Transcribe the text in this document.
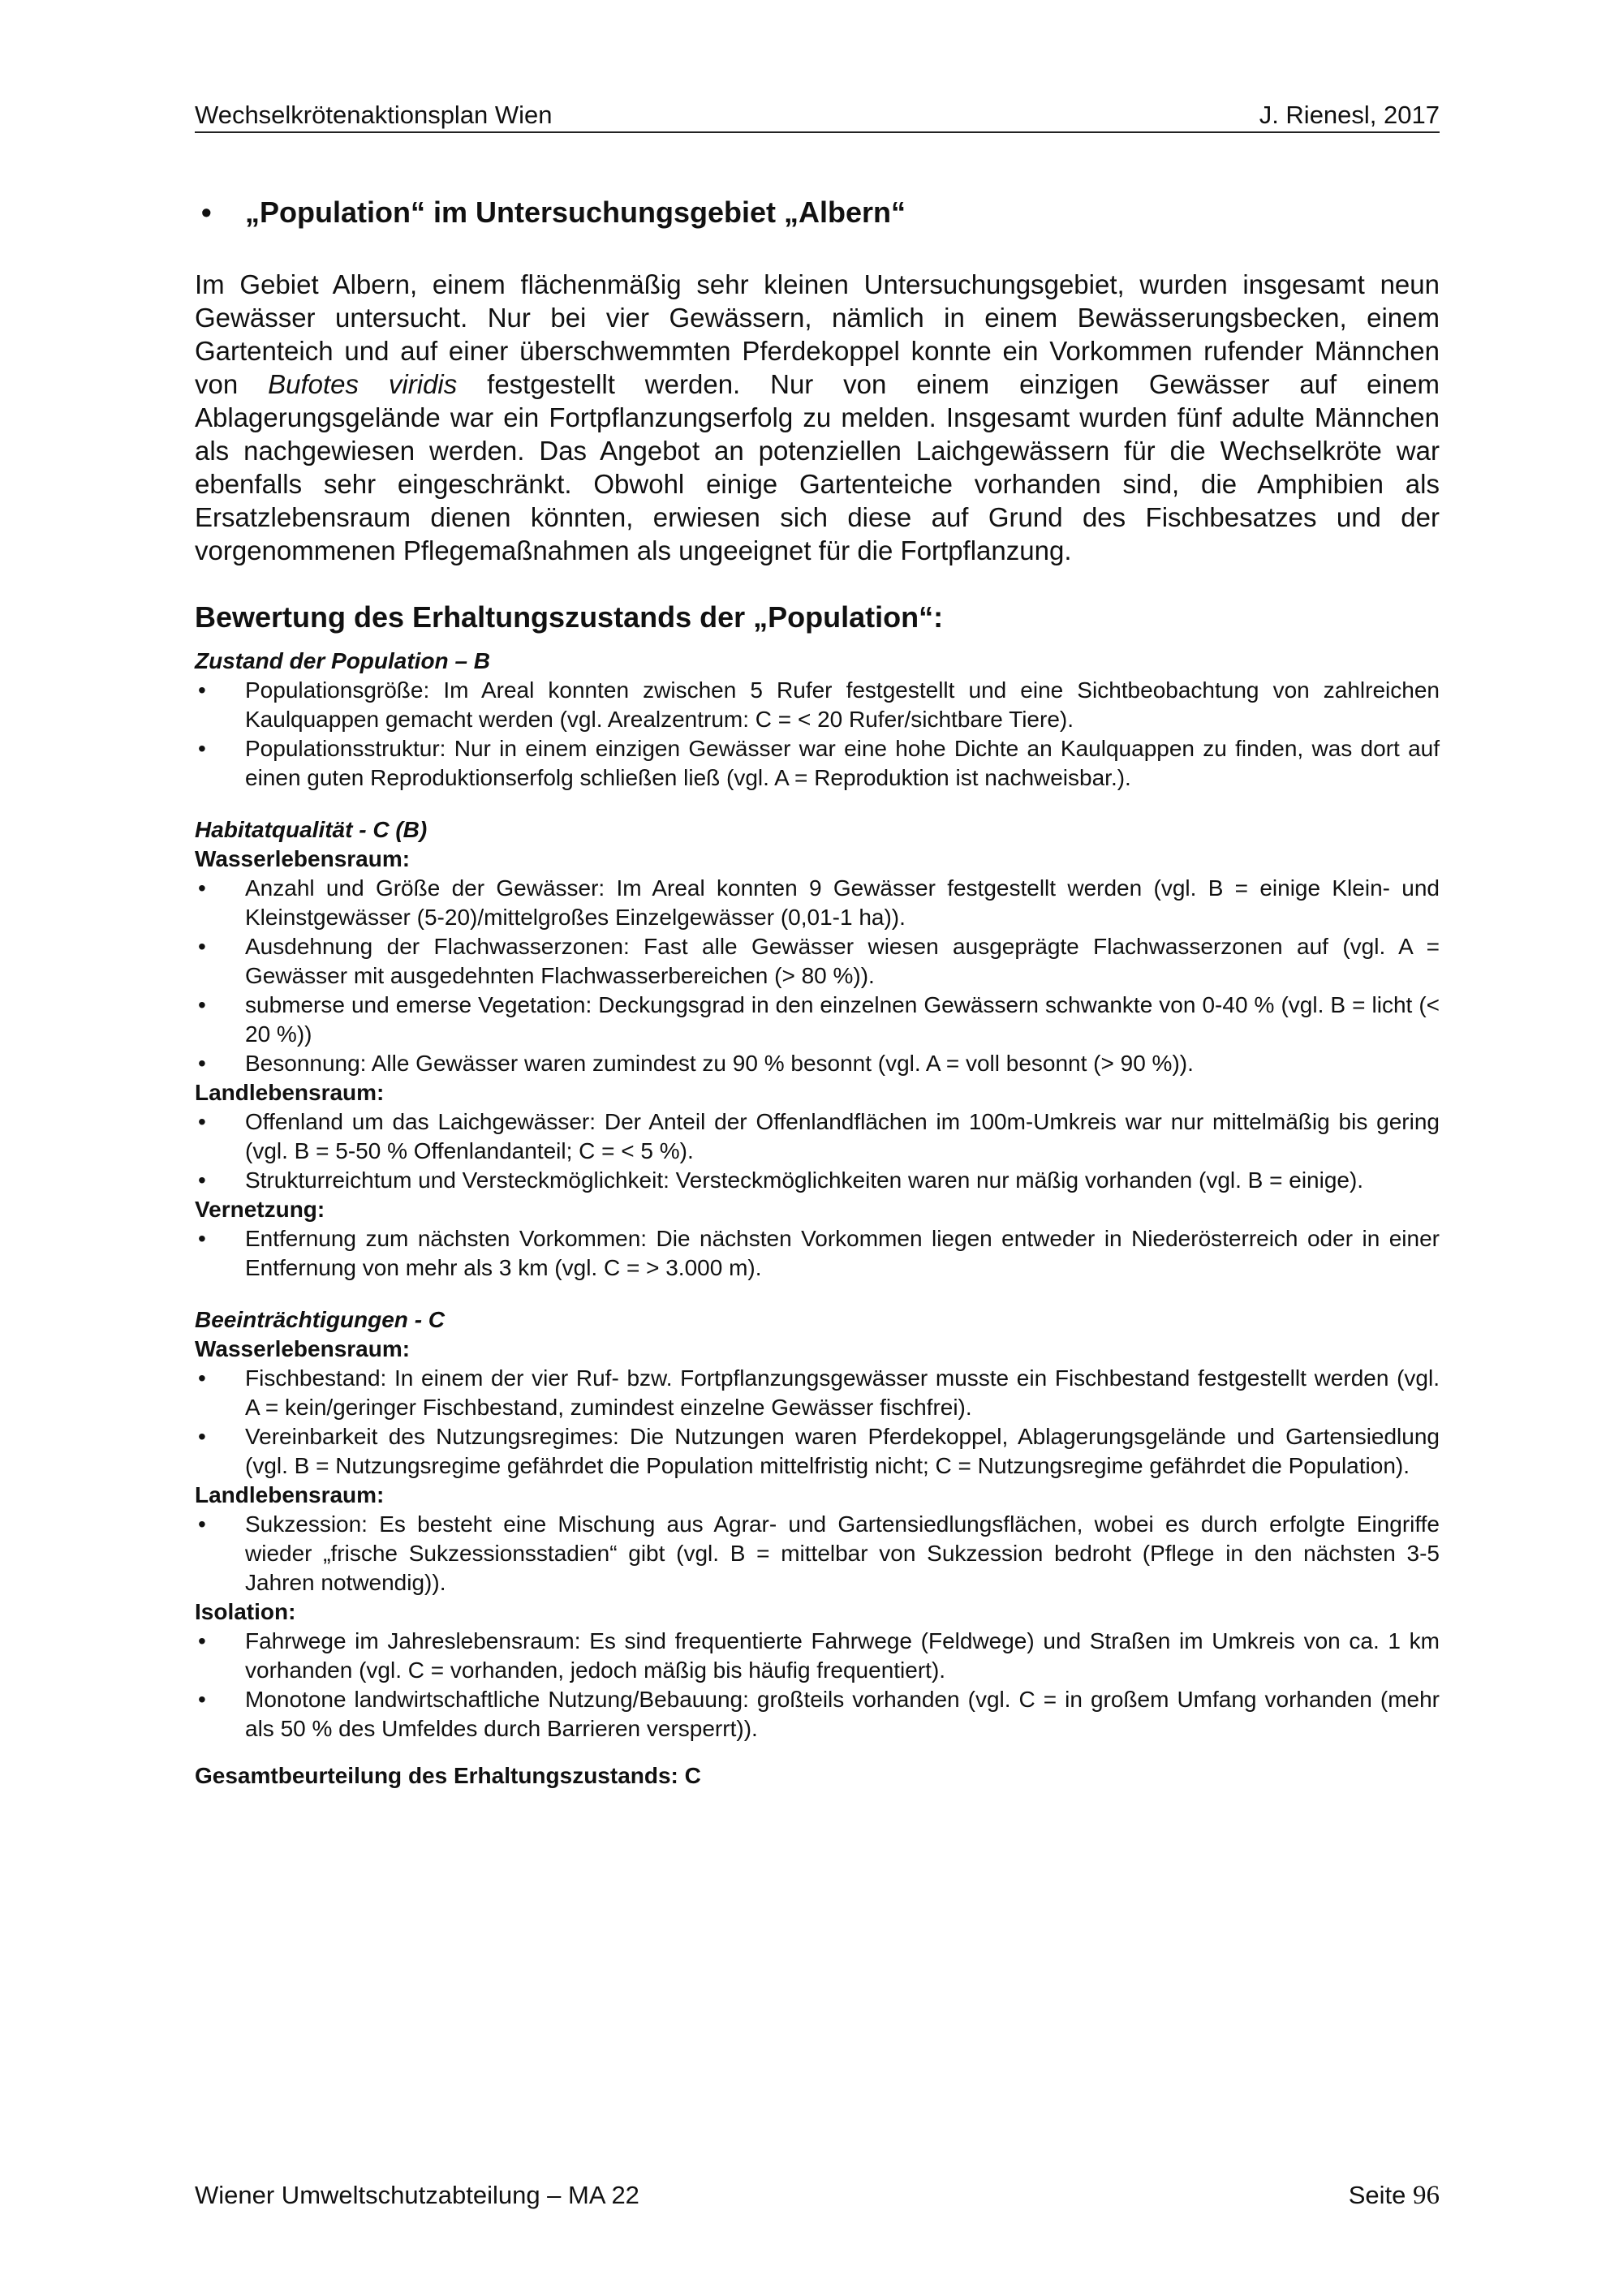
Wechselkrötenaktionsplan Wien	J. Rienesl, 2017
•	„Population“ im Untersuchungsgebiet „Albern“

Im Gebiet Albern, einem flächenmäßig sehr kleinen Untersuchungsgebiet, wurden insgesamt neun Gewässer untersucht. Nur bei vier Gewässern, nämlich in einem Bewässerungsbecken, einem Gartenteich und auf einer überschwemmten Pferdekoppel konnte ein Vorkommen rufender Männchen von Bufotes viridis festgestellt werden. Nur von einem einzigen Gewässer auf einem Ablagerungsgelände war ein Fortpflanzungserfolg zu melden. Insgesamt wurden fünf adulte Männchen als nachgewiesen werden. Das Angebot an potenziellen Laichgewässern für die Wechselkröte war ebenfalls sehr eingeschränkt. Obwohl einige Gartenteiche vorhanden sind, die Amphibien als Ersatzlebensraum dienen könnten, erwiesen sich diese auf Grund des Fischbesatzes und der vorgenommenen Pflegemaßnahmen als ungeeignet für die Fortpflanzung.

Bewertung des Erhaltungszustands der „Population“:
Zustand der Population – B
•	Populationsgröße: Im Areal konnten zwischen 5 Rufer festgestellt und eine Sichtbeobachtung von zahlreichen Kaulquappen gemacht werden (vgl. Arealzentrum: C = < 20 Rufer/sichtbare Tiere).
•	Populationsstruktur: Nur in einem einzigen Gewässer war eine hohe Dichte an Kaulquappen zu finden, was dort auf einen guten Reproduktionserfolg schließen ließ (vgl. A = Reproduktion ist nachweisbar.).
Habitatqualität - C (B)
Wasserlebensraum:
•	Anzahl und Größe der Gewässer: Im Areal konnten 9 Gewässer festgestellt werden (vgl. B = einige Klein- und Kleinstgewässer (5-20)/mittelgroßes Einzelgewässer (0,01-1 ha)).
•	Ausdehnung der Flachwasserzonen: Fast alle Gewässer wiesen ausgeprägte Flachwasserzonen auf (vgl. A = Gewässer mit ausgedehnten Flachwasserbereichen (> 80 %)).
•	submerse und emerse Vegetation: Deckungsgrad in den einzelnen Gewässern schwankte von 0-40 % (vgl. B = licht (< 20 %))
•	Besonnung: Alle Gewässer waren zumindest zu 90 % besonnt (vgl. A = voll besonnt (> 90 %)).
Landlebensraum:
•	Offenland um das Laichgewässer: Der Anteil der Offenlandflächen im 100m-Umkreis war nur mittelmäßig bis gering (vgl. B = 5-50 % Offenlandanteil; C = < 5 %).
•	Strukturreichtum und Versteckmöglichkeit: Versteckmöglichkeiten waren nur mäßig vorhanden (vgl. B = einige).
Vernetzung:
•	Entfernung zum nächsten Vorkommen: Die nächsten Vorkommen liegen entweder in Niederösterreich oder in einer Entfernung von mehr als 3 km (vgl. C = > 3.000 m).
Beeinträchtigungen - C
Wasserlebensraum:
•	Fischbestand: In einem der vier Ruf- bzw. Fortpflanzungsgewässer musste ein Fischbestand festgestellt werden (vgl. A = kein/geringer Fischbestand, zumindest einzelne Gewässer fischfrei).
•	Vereinbarkeit des Nutzungsregimes: Die Nutzungen waren Pferdekoppel, Ablagerungsgelände und Gartensiedlung (vgl. B = Nutzungsregime gefährdet die Population mittelfristig nicht; C = Nutzungsregime gefährdet die Population).
Landlebensraum:
•	Sukzession: Es besteht eine Mischung aus Agrar- und Gartensiedlungsflächen, wobei es durch erfolgte Eingriffe wieder „frische Sukzessionsstadien“ gibt (vgl. B = mittelbar von Sukzession bedroht (Pflege in den nächsten 3-5 Jahren notwendig)).
Isolation:
•	Fahrwege im Jahreslebensraum: Es sind frequentierte Fahrwege (Feldwege) und Straßen im Umkreis von ca. 1 km vorhanden (vgl. C = vorhanden, jedoch mäßig bis häufig frequentiert).
•	Monotone landwirtschaftliche Nutzung/Bebauung: großteils vorhanden (vgl. C = in großem Umfang vorhanden (mehr als 50 % des Umfeldes durch Barrieren versperrt)).
Gesamtbeurteilung des Erhaltungszustands: C
Wiener Umweltschutzabteilung – MA 22	Seite 96
